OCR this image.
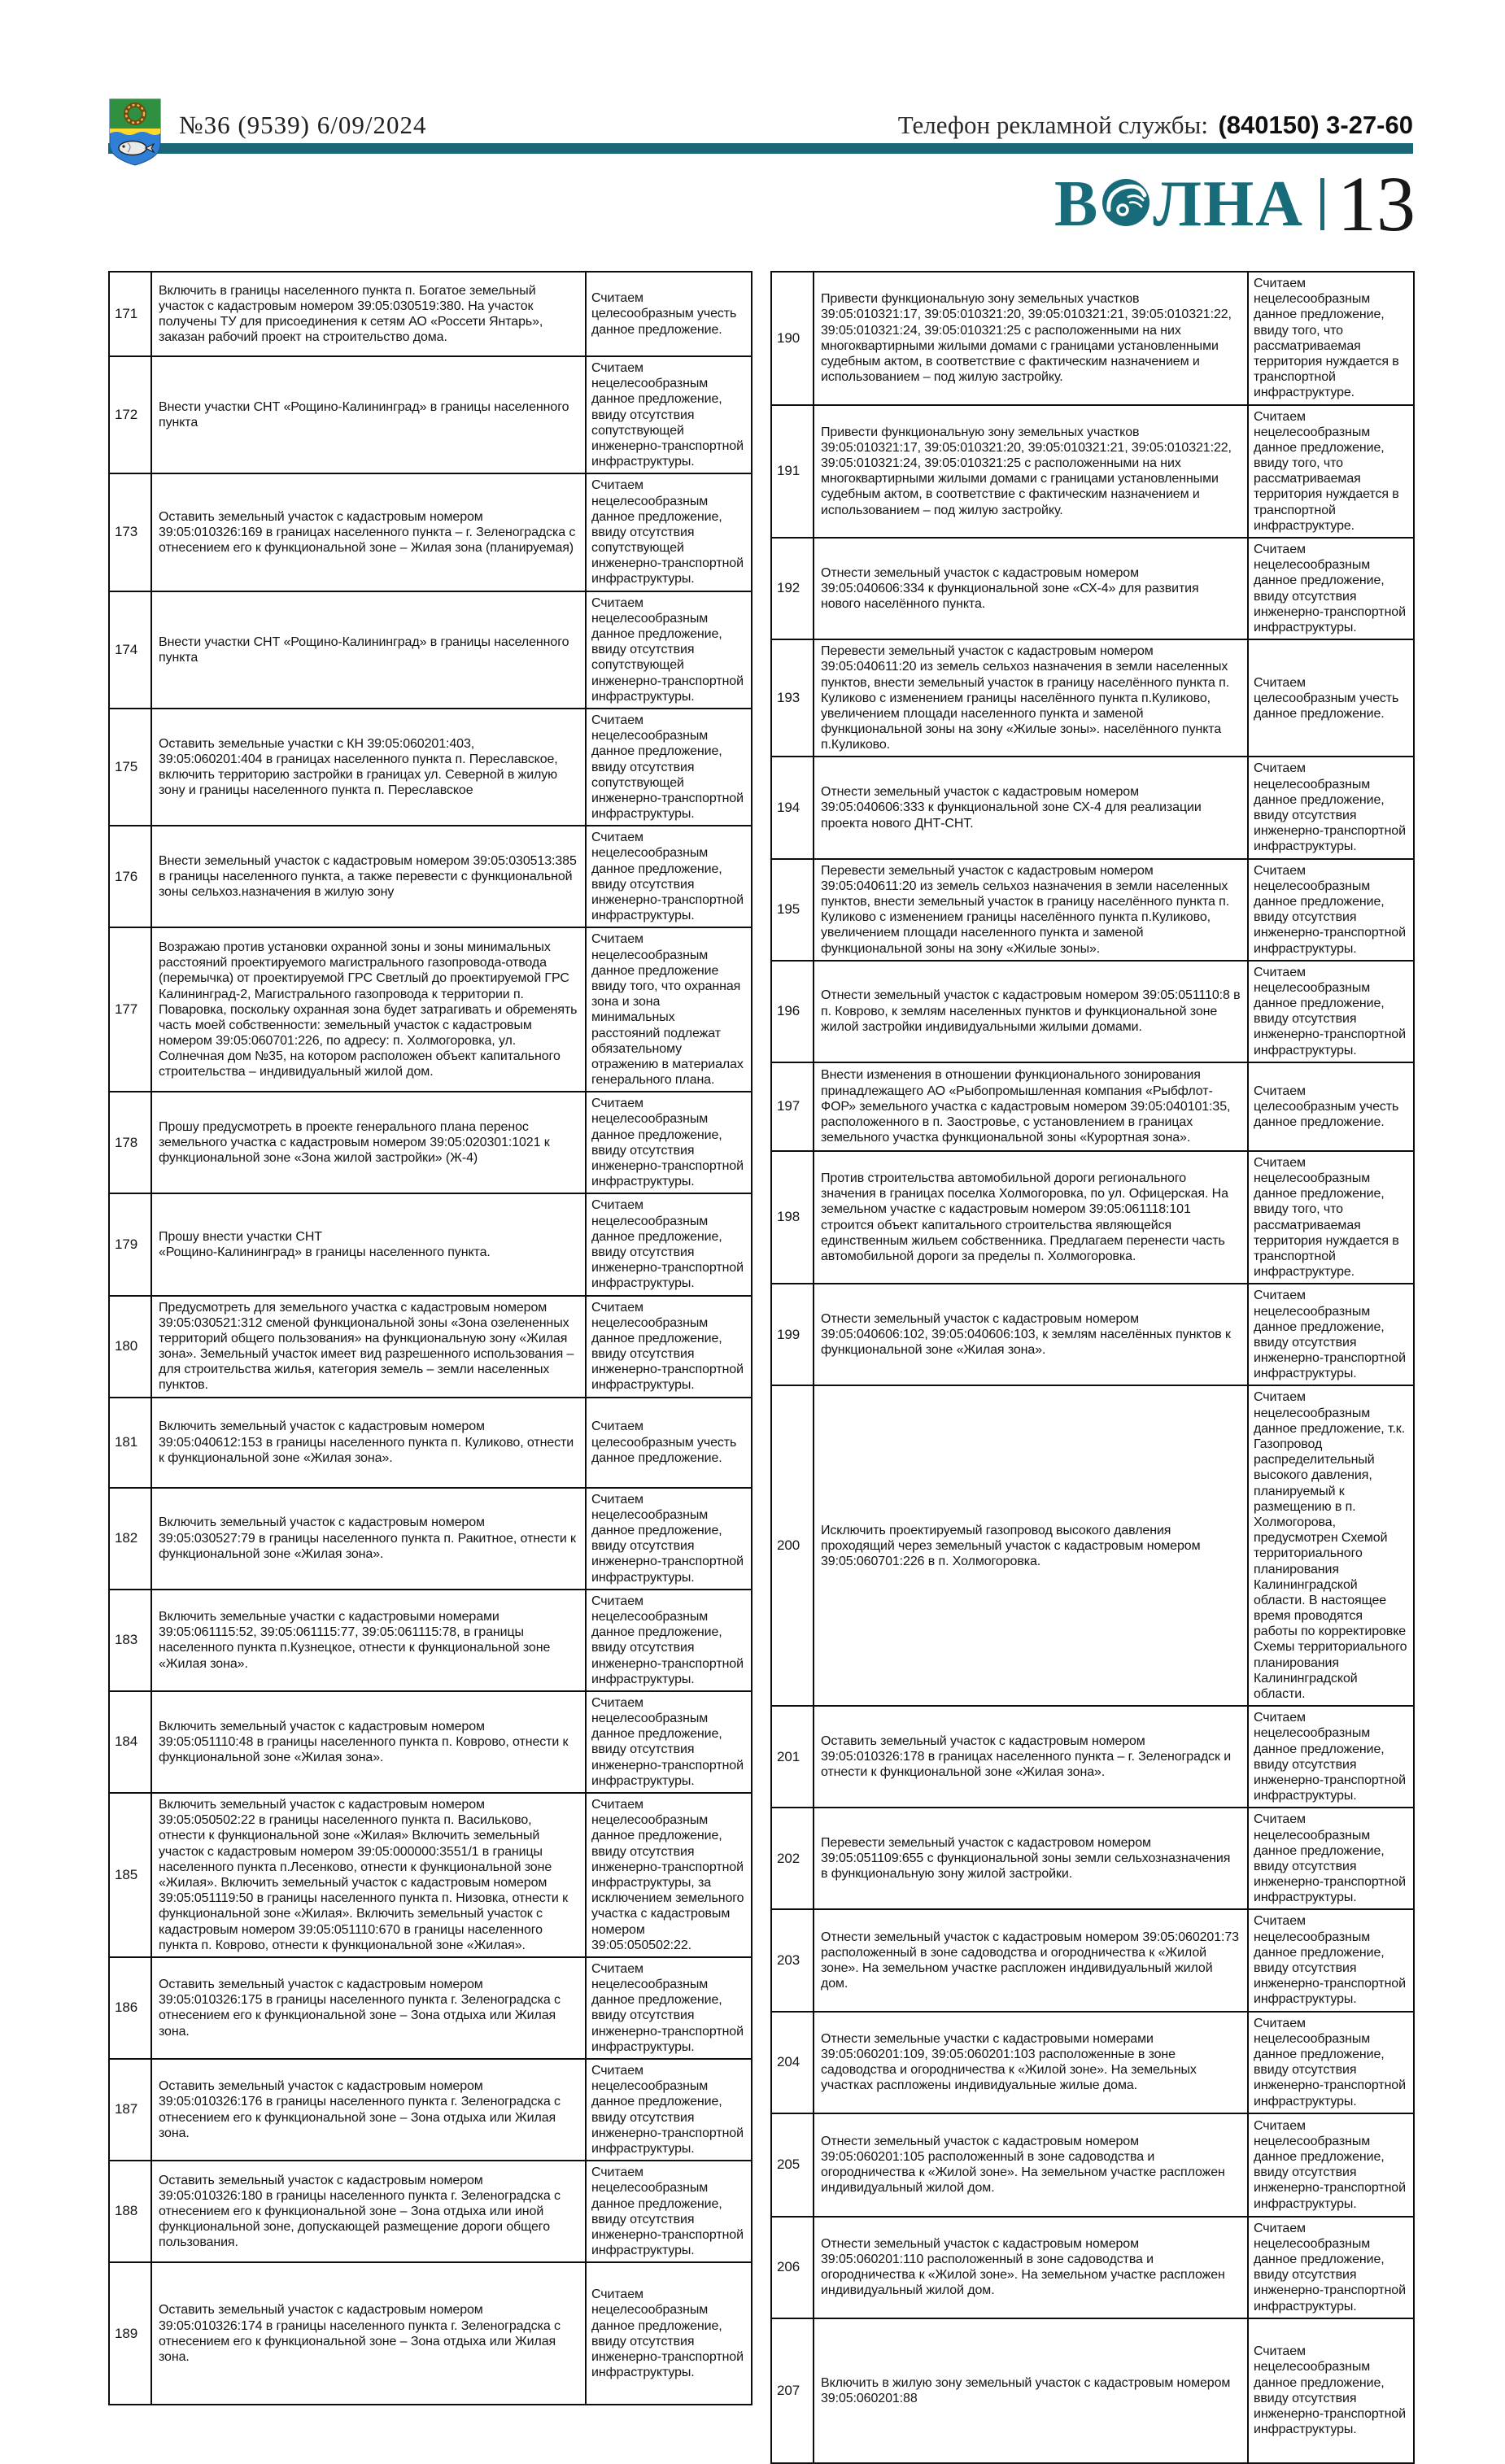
№36 (9539) 6/09/2024	Телефон рекламной службы: (840150) 3-27-60
В ЛНА 13
171	Включить в границы населенного пункта п. Богатое земельный участок с кадастровым номером 39:05:030519:380. На участок получены ТУ для присоединения к сетям АО «Россети Янтарь», заказан рабочий проект на строительство дома.	Считаем целесообразным учесть данное предложение.
172	Внести участки СНТ «Рощино-Калининград» в границы населенного пункта	Считаем нецелесообразным данное предложение, ввиду отсутствия сопутствующей инженерно-транспортной инфраструктуры.
173	Оставить земельный участок с кадастровым номером 39:05:010326:169 в границах населенного пункта – г. Зеленоградска с отнесением его к функциональной зоне – Жилая зона (планируемая)	Считаем нецелесообразным данное предложение, ввиду отсутствия сопутствующей инженерно-транспортной инфраструктуры.
174	Внести участки СНТ «Рощино-Калининград» в границы населенного пункта	Считаем нецелесообразным данное предложение, ввиду отсутствия сопутствующей инженерно-транспортной инфраструктуры.
175	Оставить земельные участки с КН 39:05:060201:403, 39:05:060201:404 в границах населенного пункта п. Переславское, включить территорию застройки в границах ул. Северной в жилую зону и границы населенного пункта п. Переславское	Считаем нецелесообразным данное предложение, ввиду отсутствия сопутствующей инженерно-транспортной инфраструктуры.
176	Внести земельный участок с кадастровым номером 39:05:030513:385 в границы населенного пункта, а также перевести с функциональной зоны сельхоз.назначения в жилую зону	Считаем нецелесообразным данное предложение, ввиду отсутствия инженерно-транспортной инфраструктуры.
177	Возражаю против установки охранной зоны и зоны минимальных расстояний проектируемого магистрального газопровода-отвода (перемычка) от проектируемой ГРС Светлый до проектируемой ГРС Калининград-2, Магистрального газопровода к территории п. Поваровка, поскольку охранная зона будет затрагивать и обременять часть моей собственности: земельный участок с кадастровым номером 39:05:060701:226, по адресу: п. Холмогоровка, ул. Солнечная дом №35, на котором расположен объект капитального строительства – индивидуальный жилой дом.	Считаем нецелесообразным данное предложение ввиду того, что охранная зона и зона минимальных расстояний подлежат обязательному отражению в материалах генерального плана.
178	Прошу предусмотреть в проекте генерального плана перенос земельного участка с кадастровым номером 39:05:020301:1021 к функциональной зоне «Зона жилой застройки» (Ж-4)	Считаем нецелесообразным данное предложение, ввиду отсутствия инженерно-транспортной инфраструктуры.
179	Прошу внести участки СНТ
«Рощино-Калининград» в границы населенного пункта.	Считаем нецелесообразным данное предложение, ввиду отсутствия инженерно-транспортной инфраструктуры.
180	Предусмотреть для земельного участка с кадастровым номером 39:05:030521:312 сменой функциональной зоны «Зона озелененных территорий общего пользования» на функциональную зону «Жилая зона». Земельный участок имеет вид разрешенного использования – для строительства жилья, категория земель – земли населенных пунктов.	Считаем нецелесообразным данное предложение, ввиду отсутствия инженерно-транспортной инфраструктуры.
181	Включить земельный участок с кадастровым номером 39:05:040612:153 в границы населенного пункта п. Куликово, отнести к функциональной зоне «Жилая зона».	Считаем целесообразным учесть данное предложение.
182	Включить земельный участок с кадастровым номером 39:05:030527:79 в границы населенного пункта п. Ракитное, отнести к функциональной зоне «Жилая зона».	Считаем нецелесообразным данное предложение, ввиду отсутствия инженерно-транспортной инфраструктуры.
183	Включить земельные участки с кадастровыми номерами 39:05:061115:52, 39:05:061115:77, 39:05:061115:78, в границы населенного пункта п.Кузнецкое, отнести к функциональной зоне «Жилая зона».	Считаем нецелесообразным данное предложение, ввиду отсутствия инженерно-транспортной инфраструктуры.
184	Включить земельный участок с кадастровым номером 39:05:051110:48 в границы населенного пункта п. Коврово, отнести к функциональной зоне «Жилая зона».	Считаем нецелесообразным данное предложение, ввиду отсутствия инженерно-транспортной инфраструктуры.
185	Включить земельный участок с кадастровым номером 39:05:050502:22 в границы населенного пункта п. Васильково, отнести к функциональной зоне «Жилая» Включить земельный участок с кадастровым номером 39:05:000000:3551/1 в границы населенного пункта п.Лесенково, отнести к функциональной зоне «Жилая». Включить земельный участок с кадастровым номером 39:05:051119:50 в границы населенного пункта п. Низовка, отнести к функциональной зоне «Жилая». Включить земельный участок с кадастровым номером 39:05:051110:670 в границы населенного пункта п. Коврово, отнести к функциональной зоне «Жилая».	Считаем нецелесообразным данное предложение, ввиду отсутствия инженерно-транспортной инфраструктуры, за исключением земельного участка с кадастровым номером 39:05:050502:22.
186	Оставить земельный участок с кадастровым номером 39:05:010326:175 в границы населенного пункта г. Зеленоградска с отнесением его к функциональной зоне – Зона отдыха или Жилая зона.	Считаем нецелесообразным данное предложение, ввиду отсутствия инженерно-транспортной инфраструктуры.
187	Оставить земельный участок с кадастровым номером 39:05:010326:176 в границы населенного пункта г. Зеленоградска с отнесением его к функциональной зоне – Зона отдыха или Жилая зона.	Считаем нецелесообразным данное предложение, ввиду отсутствия инженерно-транспортной инфраструктуры.
188	Оставить земельный участок с кадастровым номером 39:05:010326:180 в границы населенного пункта г. Зеленоградска с отнесением его к функциональной зоне – Зона отдыха или иной функциональной зоне, допускающей размещение дороги общего пользования.	Считаем нецелесообразным данное предложение, ввиду отсутствия инженерно-транспортной инфраструктуры.
189	Оставить земельный участок с кадастровым номером 39:05:010326:174 в границы населенного пункта г. Зеленоградска с отнесением его к функциональной зоне – Зона отдыха или Жилая зона.	Считаем нецелесообразным данное предложение, ввиду отсутствия инженерно-транспортной инфраструктуры.
190	Привести функциональную зону земельных участков 39:05:010321:17, 39:05:010321:20, 39:05:010321:21, 39:05:010321:22, 39:05:010321:24, 39:05:010321:25 с расположенными на них многоквартирными жилыми домами с границами установленными судебным актом, в соответствие с фактическим назначением и использованием – под жилую застройку.	Считаем нецелесообразным данное предложение, ввиду того, что рассматриваемая территория нуждается в транспортной инфраструктуре.
191	Привести функциональную зону земельных участков 39:05:010321:17, 39:05:010321:20, 39:05:010321:21, 39:05:010321:22, 39:05:010321:24, 39:05:010321:25 с расположенными на них многоквартирными жилыми домами с границами установленными судебным актом, в соответствие с фактическим назначением и использованием – под жилую застройку.	Считаем нецелесообразным данное предложение, ввиду того, что рассматриваемая территория нуждается в транспортной инфраструктуре.
192	Отнести земельный участок с кадастровым номером 39:05:040606:334 к функциональной зоне «СХ-4» для развития нового населённого пункта.	Считаем нецелесообразным данное предложение, ввиду отсутствия инженерно-транспортной инфраструктуры.
193	Перевести земельный участок с кадастровым номером 39:05:040611:20 из земель сельхоз назначения в земли населенных пунктов, внести земельный участок в границу населённого пункта п. Куликово с изменением границы населённого пункта п.Куликово, увеличением площади населенного пункта и заменой функциональной зоны на зону «Жилые зоны». населённого пункта п.Куликово.	Считаем целесообразным учесть данное предложение.
194	Отнести земельный участок с кадастровым номером 39:05:040606:333 к функциональной зоне СХ-4 для реализации проекта нового ДНТ-СНТ.	Считаем нецелесообразным данное предложение, ввиду отсутствия инженерно-транспортной инфраструктуры.
195	Перевести земельный участок с кадастровым номером 39:05:040611:20 из земель сельхоз назначения в земли населенных пунктов, внести земельный участок в границу населённого пункта п. Куликово с изменением границы населённого пункта п.Куликово, увеличением площади населенного пункта и заменой функциональной зоны на зону «Жилые зоны».	Считаем нецелесообразным данное предложение, ввиду отсутствия инженерно-транспортной инфраструктуры.
196	Отнести земельный участок с кадастровым номером 39:05:051110:8 в п. Коврово, к землям населенных пунктов и функциональной зоне жилой застройки индивидуальными жилыми домами.	Считаем нецелесообразным данное предложение, ввиду отсутствия инженерно-транспортной инфраструктуры.
197	Внести изменения в отношении функционального зонирования принадлежащего АО «Рыбопромышленная компания «Рыбфлот-ФОР» земельного участка с кадастровым номером 39:05:040101:35, расположенного в п. Заостровье, с установлением в границах земельного участка функциональной зоны «Курортная зона».	Считаем целесообразным учесть данное предложение.
198	Против строительства автомобильной дороги регионального значения в границах поселка Холмогоровка, по ул. Офицерская. На земельном участке с кадастровым номером 39:05:061118:101 строится объект капитального строительства являющейся единственным жильем собственника. Предлагаем перенести часть автомобильной дороги за пределы п. Холмогоровка.	Считаем нецелесообразным данное предложение, ввиду того, что рассматриваемая территория нуждается в транспортной инфраструктуре.
199	Отнести земельный участок с кадастровым номером 39:05:040606:102, 39:05:040606:103, к землям населённых пунктов к функциональной зоне «Жилая зона».	Считаем нецелесообразным данное предложение, ввиду отсутствия инженерно-транспортной инфраструктуры.
200	Исключить проектируемый газопровод высокого давления проходящий через земельный участок с кадастровым номером 39:05:060701:226 в п. Холмогоровка.	Считаем нецелесообразным данное предложение, т.к. Газопровод распределительный высокого давления, планируемый к размещению в п. Холмогорова, предусмотрен Схемой территориального планирования Калининградской области. В настоящее время проводятся работы по корректировке Схемы территориального планирования Калининградской области.
201	Оставить земельный участок с кадастровым номером 39:05:010326:178 в границах населенного пункта – г. Зеленоградск и отнести к функциональной зоне «Жилая зона».	Считаем нецелесообразным данное предложение, ввиду отсутствия инженерно-транспортной инфраструктуры.
202	Перевести земельный участок с кадастровом номером 39:05:051109:655 с функциональной зоны земли сельхозназначения в функциональную зону жилой застройки.	Считаем нецелесообразным данное предложение, ввиду отсутствия инженерно-транспортной инфраструктуры.
203	Отнести земельный участок с кадастровым номером 39:05:060201:73 расположенный в зоне садоводства и огородничества к «Жилой зоне». На земельном участке распложен индивидуальный жилой дом.	Считаем нецелесообразным данное предложение, ввиду отсутствия инженерно-транспортной инфраструктуры.
204	Отнести земельные участки с кадастровыми номерами 39:05:060201:109, 39:05:060201:103 расположенные в зоне садоводства и огородничества к «Жилой зоне». На земельных участках распложены индивидуальные жилые дома.	Считаем нецелесообразным данное предложение, ввиду отсутствия инженерно-транспортной инфраструктуры.
205	Отнести земельный участок с кадастровым номером 39:05:060201:105 расположенный в зоне садоводства и огородничества к «Жилой зоне». На земельном участке распложен индивидуальный жилой дом.	Считаем нецелесообразным данное предложение, ввиду отсутствия инженерно-транспортной инфраструктуры.
206	Отнести земельный участок с кадастровым номером 39:05:060201:110 расположенный в зоне садоводства и огородничества к «Жилой зоне». На земельном участке распложен индивидуальный жилой дом.	Считаем нецелесообразным данное предложение, ввиду отсутствия инженерно-транспортной инфраструктуры.
207	Включить в жилую зону земельный участок с кадастровым номером 39:05:060201:88	Считаем нецелесообразным данное предложение, ввиду отсутствия инженерно-транспортной инфраструктуры.
